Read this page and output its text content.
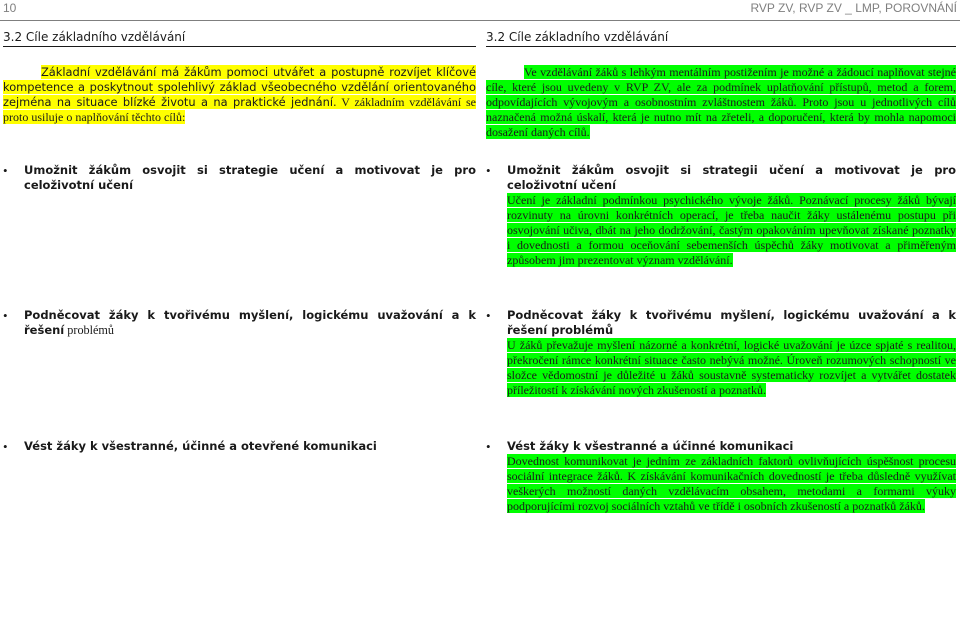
10	RVP ZV, RVP ZV _ LMP, POROVNÁNÍ
3.2 Cíle základního vzdělávání

Základní vzdělávání má žákům pomoci utvářet a postupně rozvíjet klíčové kompetence a poskytnout spolehlivý základ všeobecného vzdělání orientovaného zejména na situace blízké životu a na praktické jednání. V základním vzdělávání se proto usiluje o naplňování těchto cílů:

• Umožnit žákům osvojit si strategie učení a motivovat je pro celoživotní učení
• Podněcovat žáky k tvořivému myšlení, logickému uvažování a k řešení problémů
• Vést žáky k všestranné, účinné a otevřené komunikaci
3.2 Cíle základního vzdělávání

Ve vzdělávání žáků s lehkým mentálním postižením je možné a žádoucí naplňovat stejné cíle, které jsou uvedeny v RVP ZV, ale za podmínek uplatňování přístupů, metod a forem, odpovídajících vývojovým a osobnostním zvláštnostem žáků. Proto jsou u jednotlivých cílů naznačená možná úskalí, která je nutno mít na zřeteli, a doporučení, která by mohla napomoci dosažení daných cílů.

• Umožnit žákům osvojit si strategii učení a motivovat je pro celoživotní učení
Učení je základní podmínkou psychického vývoje žáků. Poznávací procesy žáků bývají rozvinuty na úrovni konkrétních operací, je třeba naučit žáky ustálenému postupu při osvojování učiva, dbát na jeho dodržování, častým opakováním upevňovat získané poznatky i dovednosti a formou oceňování sebemenších úspěchů žáky motivovat a přiměřeným způsobem jim prezentovat význam vzdělávání.
• Podněcovat žáky k tvořivému myšlení, logickému uvažování a k řešení problémů
U žáků převažuje myšlení názorné a konkrétní, logické uvažování je úzce spjaté s realitou, překročení rámce konkrétní situace často nebývá možné. Úroveň rozumových schopností ve složce vědomostní je důležité u žáků soustavně systematicky rozvíjet a vytvářet dostatek příležitostí k získávání nových zkušeností a poznatků.
• Vést žáky k všestranné a účinné komunikaci
Dovednost komunikovat je jedním ze základních faktorů ovlivňujících úspěšnost procesu sociální integrace žáků. K získávání komunikačních dovedností je třeba důsledně využívat veškerých možností daných vzdělávacím obsahem, metodami a formami výuky podporujícími rozvoj sociálních vztahů ve třídě i osobních zkušeností a poznatků žáků.
